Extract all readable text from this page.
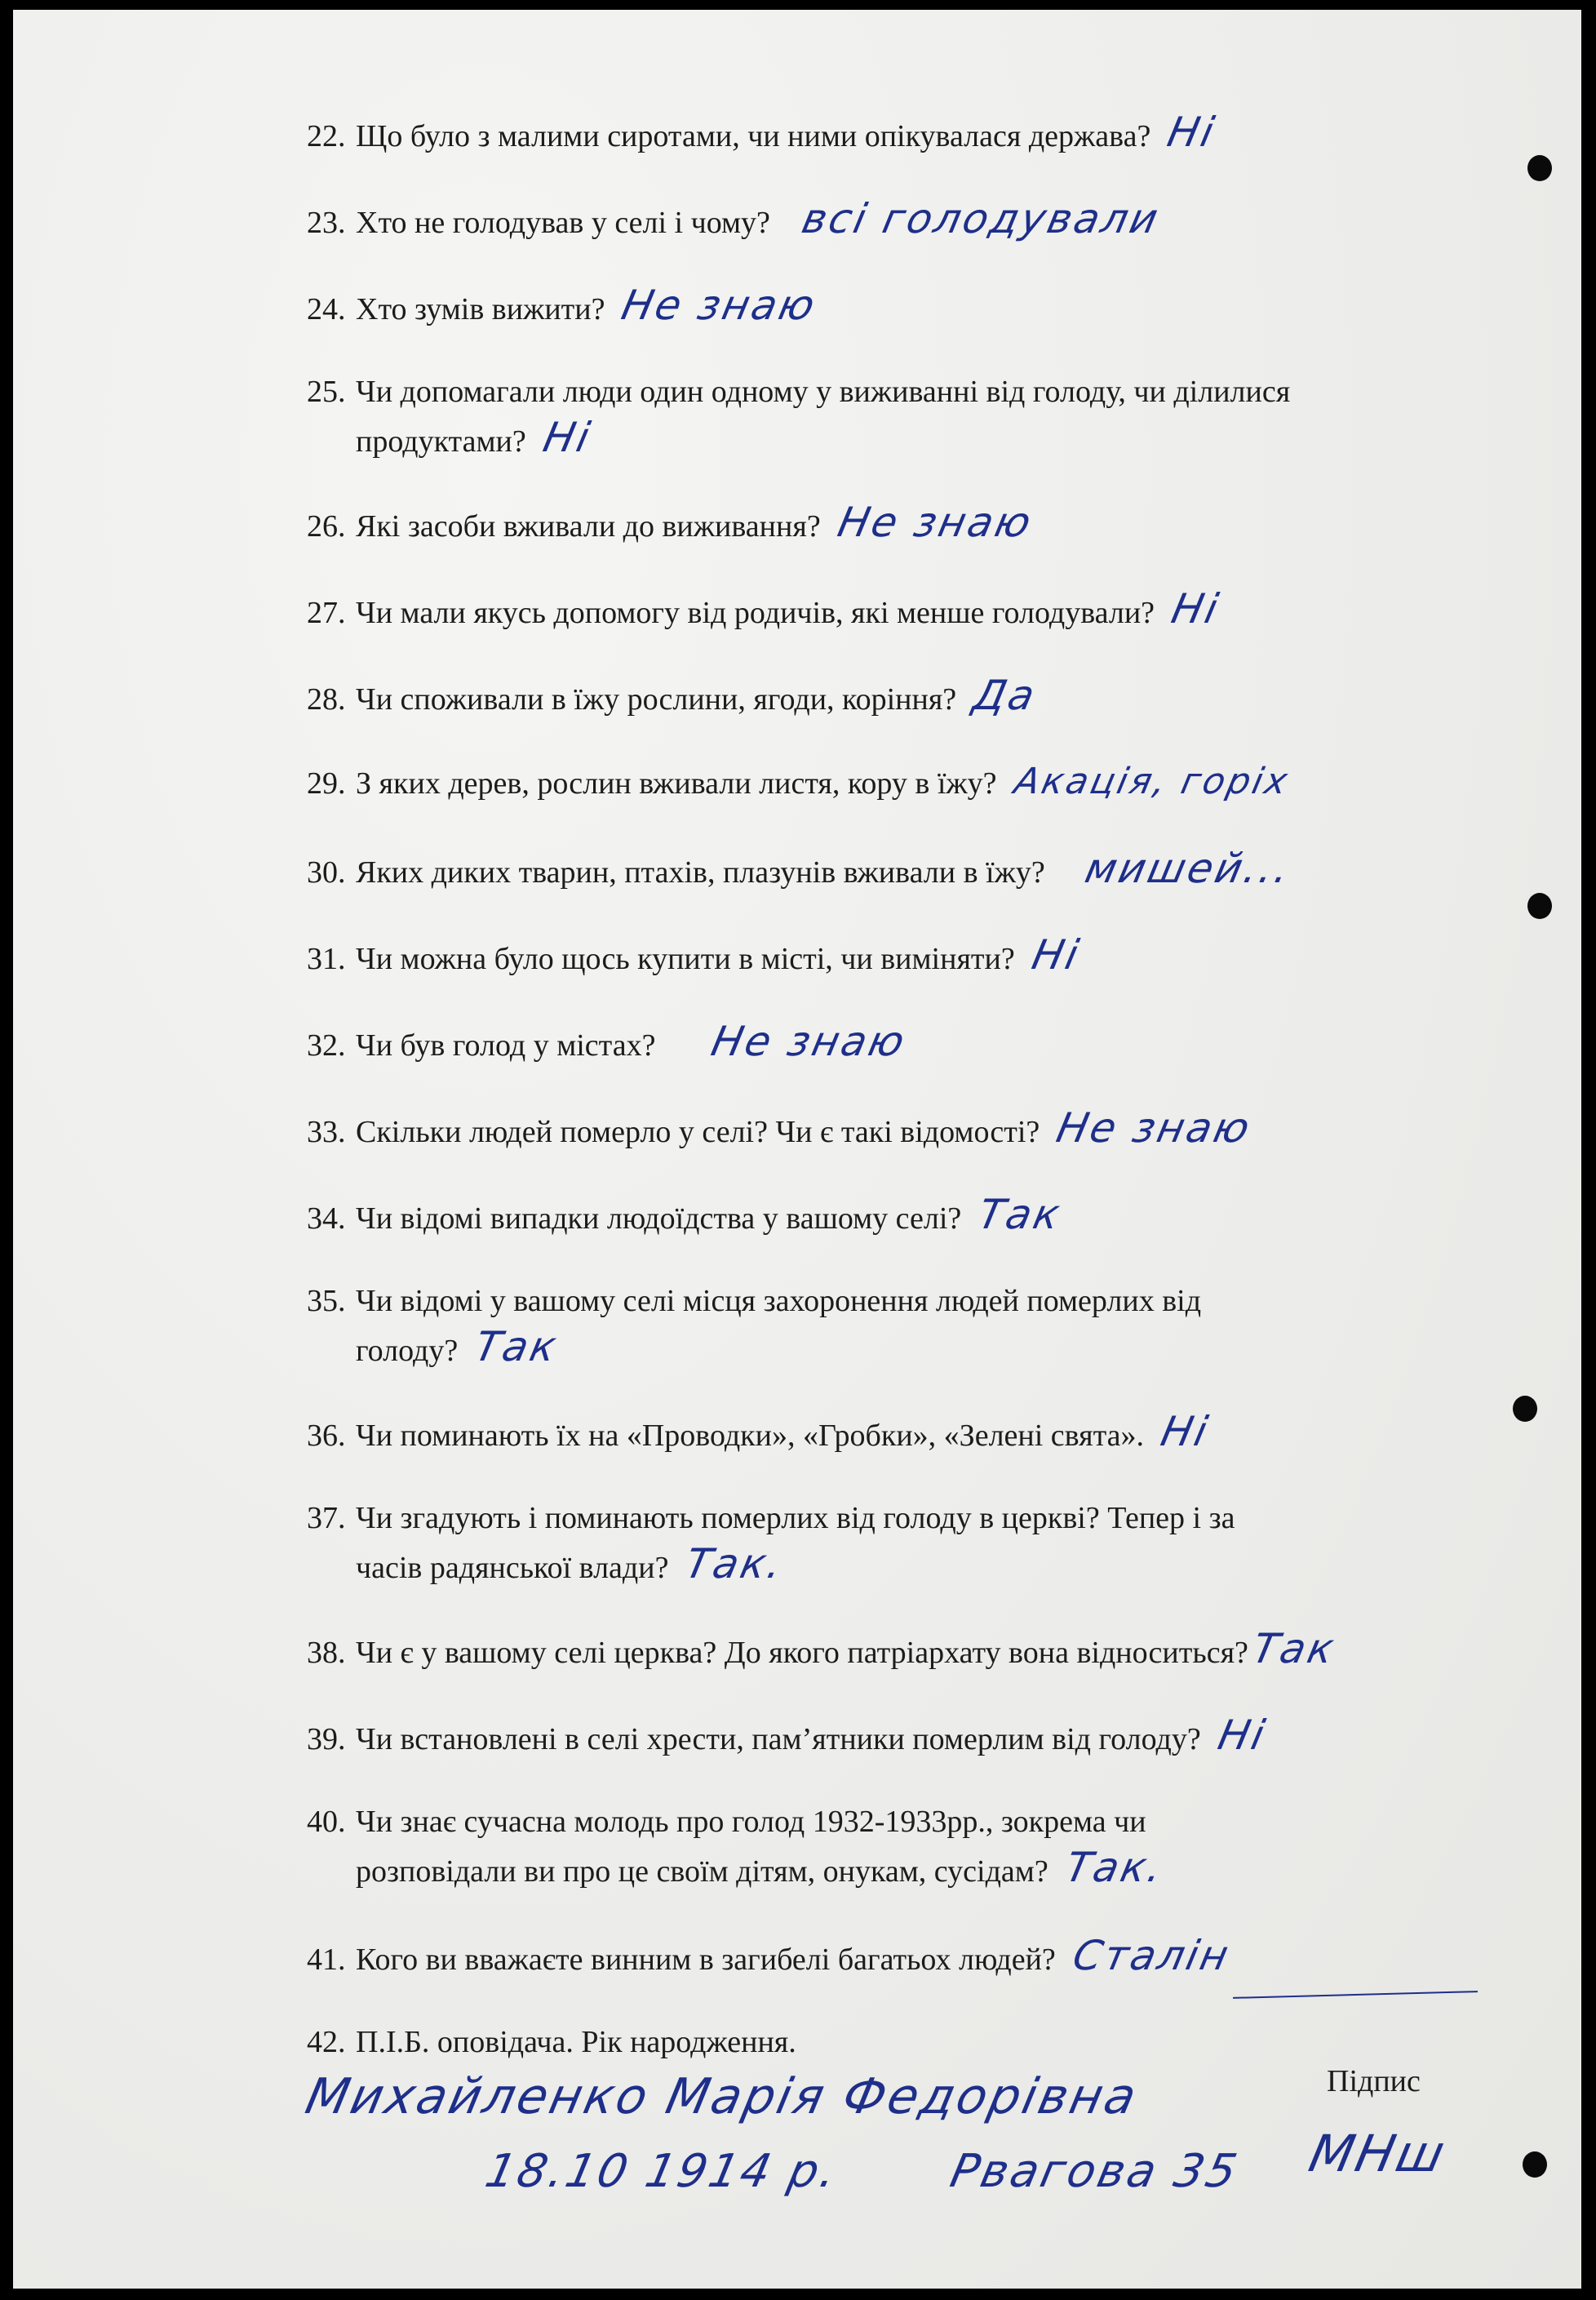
22. Що було з малими сиротами, чи ними опікувалася держава? Ні
23. Хто не голодував у селі і чому? всі голодували
24. Хто зумів вижити? Не знаю
25. Чи допомагали люди один одному у виживанні від голоду, чи ділилися
продуктами? Ні
26. Які засоби вживали до виживання? Не знаю
27. Чи мали якусь допомогу від родичів, які менше голодували? Ні
28. Чи споживали в їжу рослини, ягоди, коріння? Да
29. З яких дерев, рослин вживали листя, кору в їжу? Акація, горіх
30. Яких диких тварин, птахів, плазунів вживали в їжу? мишей...
31. Чи можна було щось купити в місті, чи виміняти? Ні
32. Чи був голод у містах? Не знаю
33. Скільки людей померло у селі? Чи є такі відомості? Не знаю
34. Чи відомі випадки людоїдства у вашому селі? Так
35. Чи відомі у вашому селі місця захоронення людей померлих від
голоду? Так
36. Чи поминають їх на «Проводки», «Гробки», «Зелені свята». Ні
37. Чи згадують і поминають померлих від голоду в церкві? Тепер і за
часів радянської влади? Так.
38. Чи є у вашому селі церква? До якого патріархату вона відноситься?Так
39. Чи встановлені в селі хрести, пам’ятники померлим від голоду? Ні
40. Чи знає сучасна молодь про голод 1932-1933рр., зокрема чи
розповідали ви про це своїм дітям, онукам, сусідам? Так.
41. Кого ви вважаєте винним в загибелі багатьох людей? Сталін
42. П.І.Б. оповідача. Рік народження.
Підпис
Михайленко Марія Федорівна
18.10 1914 р. Рвагова 35 МНш
